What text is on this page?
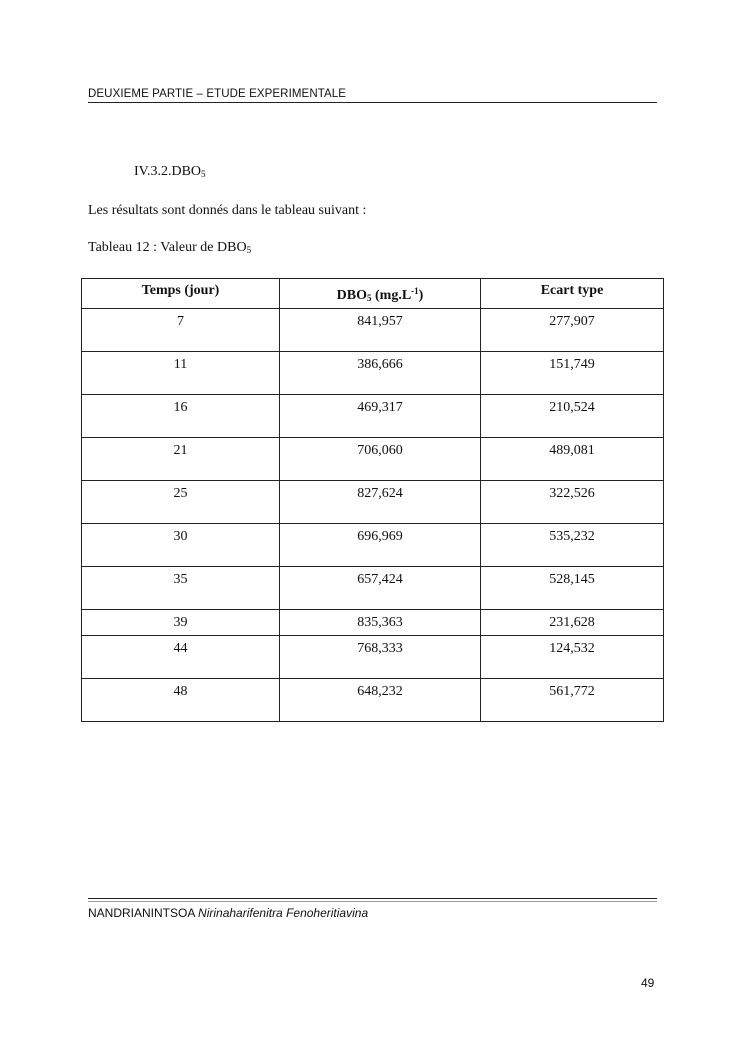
DEUXIEME PARTIE – ETUDE EXPERIMENTALE
$IV.3.2.DBO_5$
Les résultats sont donnés dans le tableau suivant :
Tableau 12 : Valeur de $DBO_5$
Temps (jour)	$DBO_5$ $(mg.L^{-1})$	Ecart type
7	841,957	277,907
11	386,666	151,749
16	469,317	210,524
21	706,060	489,081
25	827,624	322,526
30	696,969	535,232
35	657,424	528,145
39	835,363	231,628
44	768,333	124,532
48	648,232	561,772
NANDRIANINTSOA Nirinaharifenitra Fenoheritiavina
49
